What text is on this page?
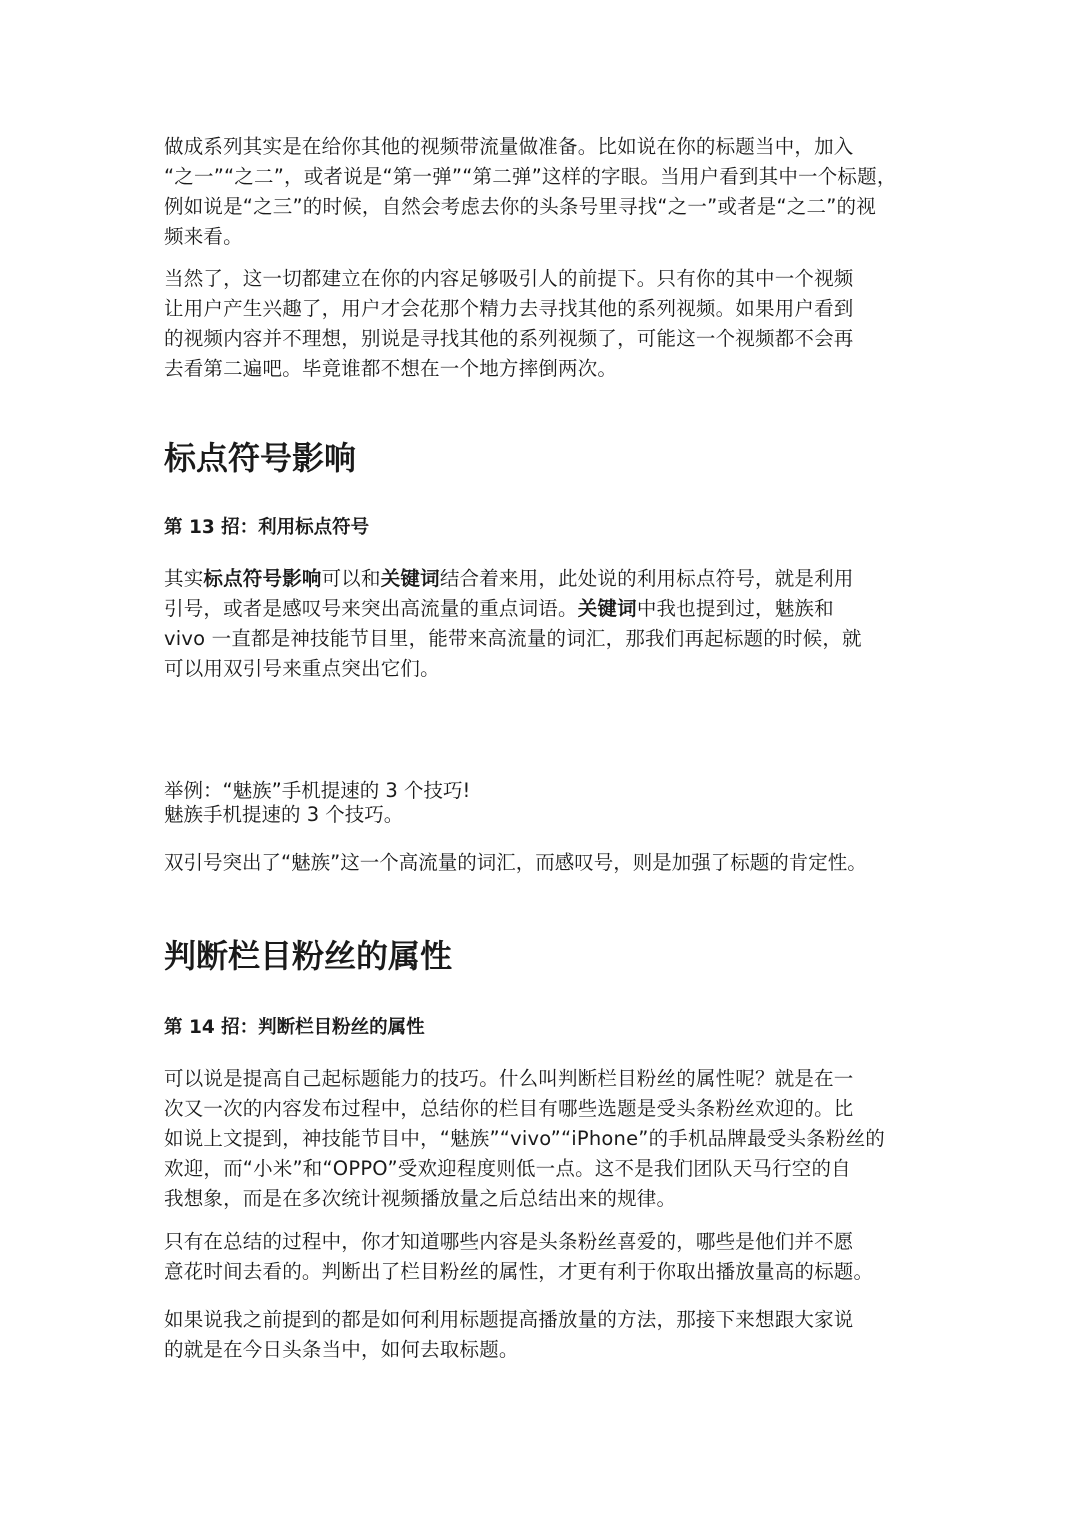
做成系列其实是在给你其他的视频带流量做准备。比如说在你的标题当中，加入
“之一”“之二”，或者说是“第一弹”“第二弹”这样的字眼。当用户看到其中一个标题，
例如说是“之三”的时候，自然会考虑去你的头条号里寻找“之一”或者是“之二”的视
频来看。

当然了，这一切都建立在你的内容足够吸引人的前提下。只有你的其中一个视频
让用户产生兴趣了，用户才会花那个精力去寻找其他的系列视频。如果用户看到
的视频内容并不理想，别说是寻找其他的系列视频了，可能这一个视频都不会再
去看第二遍吧。毕竟谁都不想在一个地方摔倒两次。

标点符号影响
第 13 招：利用标点符号

其实标点符号影响可以和关键词结合着来用，此处说的利用标点符号，就是利用
引号，或者是感叹号来突出高流量的重点词语。关键词中我也提到过，魅族和
vivo 一直都是神技能节目里，能带来高流量的词汇，那我们再起标题的时候，就
可以用双引号来重点突出它们。

举例：“魅族”手机提速的 3 个技巧!

魅族手机提速的 3 个技巧。

双引号突出了“魅族”这一个高流量的词汇，而感叹号，则是加强了标题的肯定性。

判断栏目粉丝的属性
第 14 招：判断栏目粉丝的属性

可以说是提高自己起标题能力的技巧。什么叫判断栏目粉丝的属性呢？就是在一
次又一次的内容发布过程中，总结你的栏目有哪些选题是受头条粉丝欢迎的。比
如说上文提到，神技能节目中，“魅族”“vivo”“iPhone”的手机品牌最受头条粉丝的
欢迎，而“小米”和“OPPO”受欢迎程度则低一点。这不是我们团队天马行空的自
我想象，而是在多次统计视频播放量之后总结出来的规律。

只有在总结的过程中，你才知道哪些内容是头条粉丝喜爱的，哪些是他们并不愿
意花时间去看的。判断出了栏目粉丝的属性，才更有利于你取出播放量高的标题。

如果说我之前提到的都是如何利用标题提高播放量的方法，那接下来想跟大家说
的就是在今日头条当中，如何去取标题。
